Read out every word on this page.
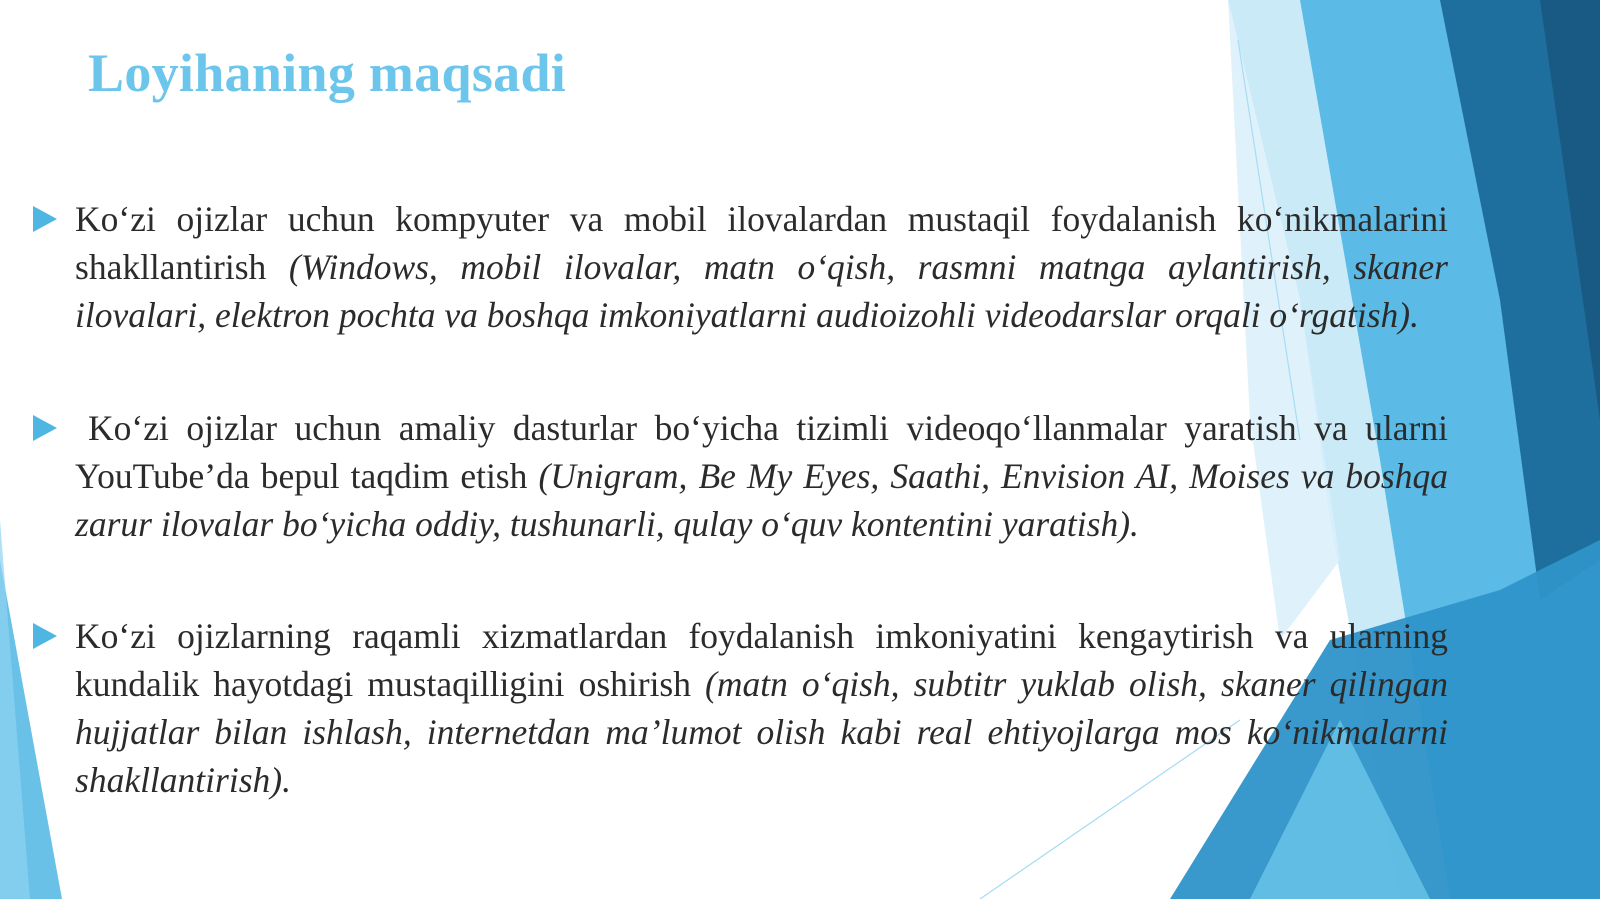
Loyihaning maqsadi
Ko‘zi ojizlar uchun kompyuter va mobil ilovalardan mustaqil foydalanish ko‘nikmalarini shakllantirish (Windows, mobil ilovalar, matn o‘qish, rasmni matnga aylantirish, skaner ilovalari, elektron pochta va boshqa imkoniyatlarni audioizohli videodarslar orqali o‘rgatish).
Ko‘zi ojizlar uchun amaliy dasturlar bo‘yicha tizimli videoqo‘llanmalar yaratish va ularni YouTube’da bepul taqdim etish (Unigram, Be My Eyes, Saathi, Envision AI, Moises va boshqa zarur ilovalar bo‘yicha oddiy, tushunarli, qulay o‘quv kontentini yaratish).
Ko‘zi ojizlarning raqamli xizmatlardan foydalanish imkoniyatini kengaytirish va ularning kundalik hayotdagi mustaqilligini oshirish (matn o‘qish, subtitr yuklab olish, skaner qilingan hujjatlar bilan ishlash, internetdan ma’lumot olish kabi real ehtiyojlarga mos ko‘nikmalarni shakllantirish).
